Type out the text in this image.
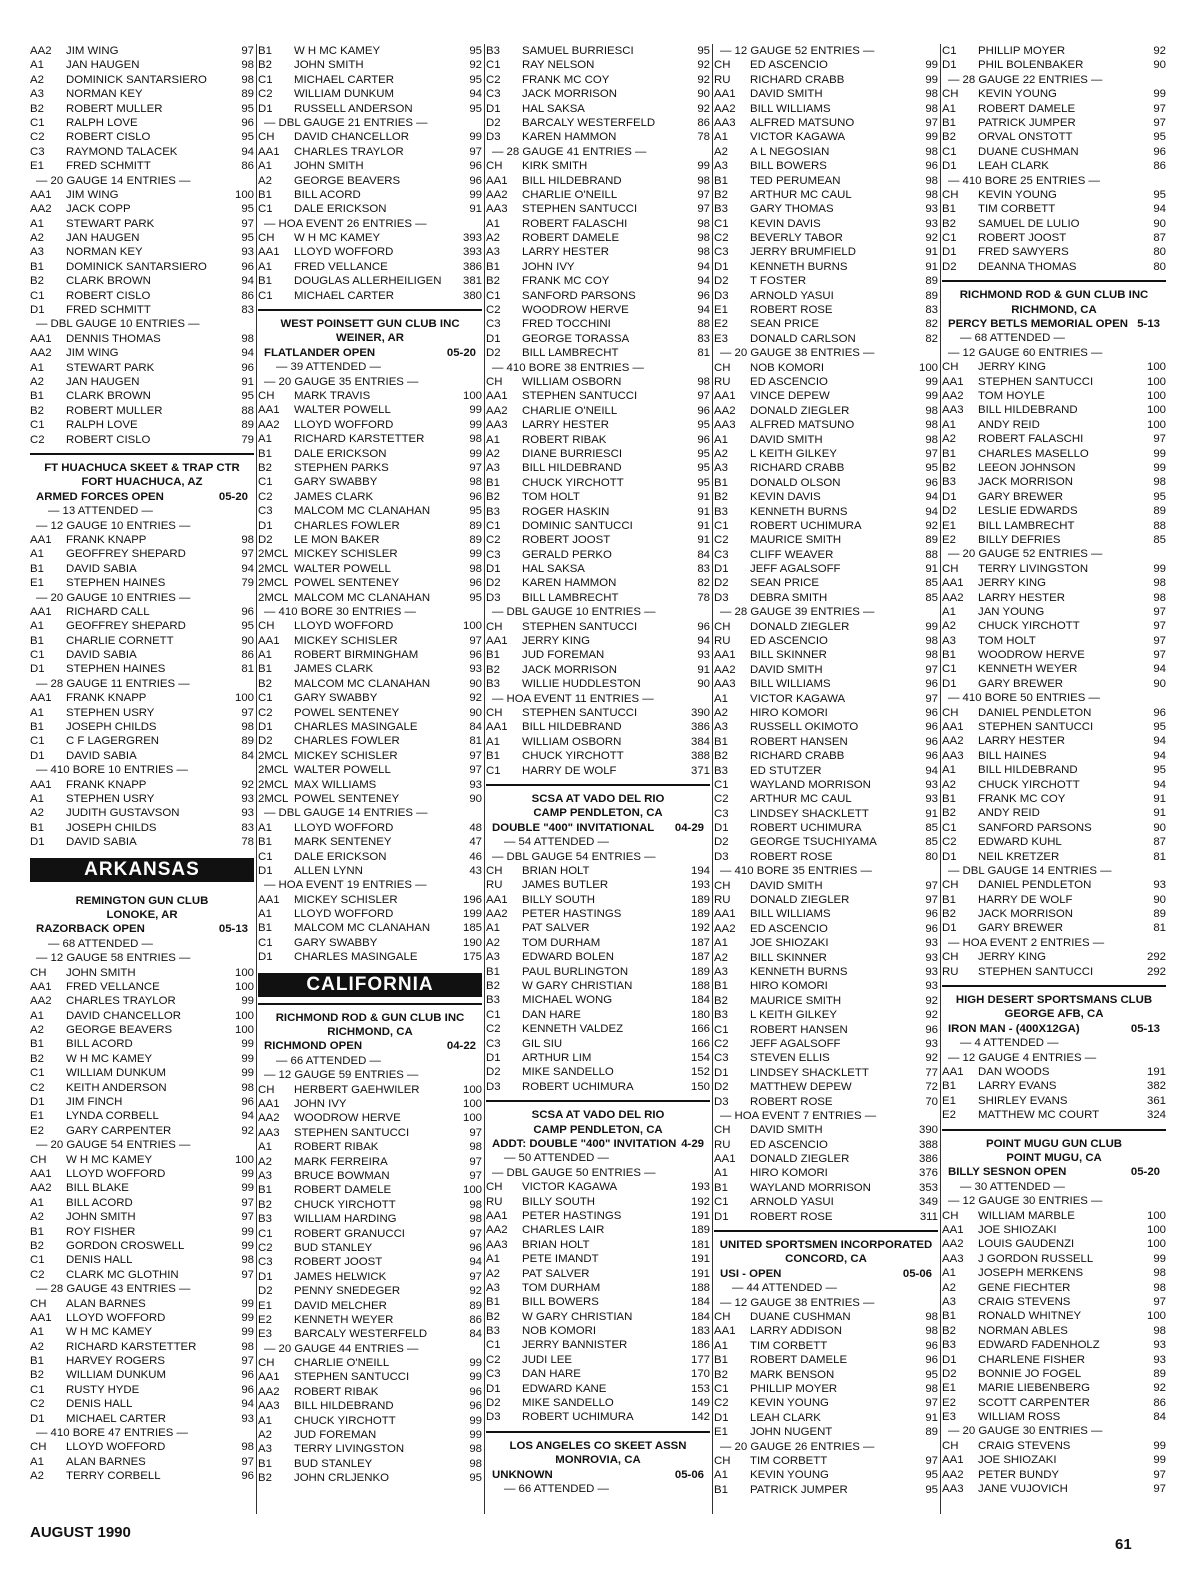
AA2	JIM WING	97
A1	JAN HAUGEN	98
A2	DOMINICK SANTARSIERO	98
A3	NORMAN KEY	89
B2	ROBERT MULLER	95
C1	RALPH LOVE	96
C2	ROBERT CISLO	95
C3	RAYMOND TALACEK	94
E1	FRED SCHMITT	86
— 20 GAUGE 14 ENTRIES —
AA1	JIM WING	100
AA2	JACK COPP	95
A1	STEWART PARK	97
A2	JAN HAUGEN	95
A3	NORMAN KEY	93
B1	DOMINICK SANTARSIERO	96
B2	CLARK BROWN	94
C1	ROBERT CISLO	86
D1	FRED SCHMITT	83
— DBL GAUGE 10 ENTRIES —
AA1	DENNIS THOMAS	98
AA2	JIM WING	94
A1	STEWART PARK	96
A2	JAN HAUGEN	91
B1	CLARK BROWN	95
B2	ROBERT MULLER	88
C1	RALPH LOVE	89
C2	ROBERT CISLO	79
FT HUACHUCA SKEET & TRAP CTR
FORT HUACHUCA, AZ
ARMED FORCES OPEN	05-20
— 13 ATTENDED —
— 12 GAUGE 10 ENTRIES —
AA1	FRANK KNAPP	98
A1	GEOFFREY SHEPARD	97
B1	DAVID SABIA	94
E1	STEPHEN HAINES	79
— 20 GAUGE 10 ENTRIES —
AA1	RICHARD CALL	96
A1	GEOFFREY SHEPARD	95
B1	CHARLIE CORNETT	90
C1	DAVID SABIA	86
D1	STEPHEN HAINES	81
— 28 GAUGE 11 ENTRIES —
AA1	FRANK KNAPP	100
A1	STEPHEN USRY	97
B1	JOSEPH CHILDS	98
C1	C F LAGERGREN	89
D1	DAVID SABIA	84
— 410 BORE 10 ENTRIES —
AA1	FRANK KNAPP	92
A1	STEPHEN USRY	93
A2	JUDITH GUSTAVSON	93
B1	JOSEPH CHILDS	83
D1	DAVID SABIA	78
ARKANSAS
REMINGTON GUN CLUB
LONOKE, AR
RAZORBACK OPEN	05-13
— 68 ATTENDED —
— 12 GAUGE 58 ENTRIES —
CH	JOHN SMITH	100
AA1	FRED VELLANCE	100
AA2	CHARLES TRAYLOR	99
A1	DAVID CHANCELLOR	100
A2	GEORGE BEAVERS	100
B1	BILL ACORD	99
B2	W H MC KAMEY	99
C1	WILLIAM DUNKUM	99
C2	KEITH ANDERSON	98
D1	JIM FINCH	96
E1	LYNDA CORBELL	94
E2	GARY CARPENTER	92
— 20 GAUGE 54 ENTRIES —
CH	W H MC KAMEY	100
AA1	LLOYD WOFFORD	99
AA2	BILL BLAKE	99
A1	BILL ACORD	97
A2	JOHN SMITH	97
B1	ROY FISHER	99
B2	GORDON CROSWELL	99
C1	DENIS HALL	98
C2	CLARK MC GLOTHIN	97
— 28 GAUGE 43 ENTRIES —
CH	ALAN BARNES	99
AA1	LLOYD WOFFORD	99
A1	W H MC KAMEY	99
A2	RICHARD KARSTETTER	98
B1	HARVEY ROGERS	97
B2	WILLIAM DUNKUM	96
C1	RUSTY HYDE	96
C2	DENIS HALL	94
D1	MICHAEL CARTER	93
— 410 BORE 47 ENTRIES —
CH	LLOYD WOFFORD	98
A1	ALAN BARNES	97
A2	TERRY CORBELL	96
B1	W H MC KAMEY	95
B2	JOHN SMITH	92
C1	MICHAEL CARTER	95
C2	WILLIAM DUNKUM	94
D1	RUSSELL ANDERSON	95
— DBL GAUGE 21 ENTRIES —
CH	DAVID CHANCELLOR	99
AA1	CHARLES TRAYLOR	97
A1	JOHN SMITH	96
A2	GEORGE BEAVERS	96
B1	BILL ACORD	99
C1	DALE ERICKSON	91
— HOA EVENT 26 ENTRIES —
CH	W H MC KAMEY	393
AA1	LLOYD WOFFORD	393
A1	FRED VELLANCE	386
B1	DOUGLAS ALLERHEILIGEN	381
C1	MICHAEL CARTER	380
WEST POINSETT GUN CLUB INC
WEINER, AR
FLATLANDER OPEN	05-20
— 39 ATTENDED —
— 20 GAUGE 35 ENTRIES —
CH	MARK TRAVIS	100
AA1	WALTER POWELL	99
AA2	LLOYD WOFFORD	99
A1	RICHARD KARSTETTER	98
B1	DALE ERICKSON	99
B2	STEPHEN PARKS	97
C1	GARY SWABBY	98
C2	JAMES CLARK	96
C3	MALCOM MC CLANAHAN	95
D1	CHARLES FOWLER	89
D2	LE MON BAKER	89
2MCL MICKEY SCHISLER	99
2MCL WALTER POWELL	98
2MCL POWEL SENTENEY	96
2MCL MALCOM MC CLANAHAN	95
— 410 BORE 30 ENTRIES —
CH	LLOYD WOFFORD	100
AA1	MICKEY SCHISLER	97
A1	ROBERT BIRMINGHAM	96
B1	JAMES CLARK	93
B2	MALCOM MC CLANAHAN	90
C1	GARY SWABBY	92
C2	POWEL SENTENEY	90
D1	CHARLES MASINGALE	84
D2	CHARLES FOWLER	81
2MCL MICKEY SCHISLER	97
2MCL WALTER POWELL	97
2MCL MAX WILLIAMS	93
2MCL POWEL SENTENEY	90
— DBL GAUGE 14 ENTRIES —
A1	LLOYD WOFFORD	48
B1	MARK SENTENEY	47
C1	DALE ERICKSON	46
D1	ALLEN LYNN	43
— HOA EVENT 19 ENTRIES —
AA1	MICKEY SCHISLER	196
A1	LLOYD WOFFORD	199
B1	MALCOM MC CLANAHAN	185
C1	GARY SWABBY	190
D1	CHARLES MASINGALE	175
CALIFORNIA
RICHMOND ROD & GUN CLUB INC
RICHMOND, CA
RICHMOND OPEN	04-22
— 66 ATTENDED —
— 12 GAUGE 59 ENTRIES —
CH	HERBERT GAEHWILER	100
AA1	JOHN IVY	100
AA2	WOODROW HERVE	100
AA3	STEPHEN SANTUCCI	97
A1	ROBERT RIBAK	98
A2	MARK FERREIRA	97
A3	BRUCE BOWMAN	97
B1	ROBERT DAMELE	100
B2	CHUCK YIRCHOTT	98
B3	WILLIAM HARDING	98
C1	ROBERT GRANUCCI	97
C2	BUD STANLEY	96
C3	ROBERT JOOST	94
D1	JAMES HELWICK	97
D2	PENNY SNEDEGER	92
E1	DAVID MELCHER	89
E2	KENNETH WEYER	86
E3	BARCALY WESTERFELD	84
— 20 GAUGE 44 ENTRIES —
CH	CHARLIE O'NEILL	99
AA1	STEPHEN SANTUCCI	99
AA2	ROBERT RIBAK	96
AA3	BILL HILDEBRAND	96
A1	CHUCK YIRCHOTT	99
A2	JUD FOREMAN	99
A3	TERRY LIVINGSTON	98
B1	BUD STANLEY	98
B2	JOHN CRLJENKO	95
B3	SAMUEL BURRIESCI	95
C1	RAY NELSON	92
C2	FRANK MC COY	92
C3	JACK MORRISON	90
D1	HAL SAKSA	92
D2	BARCALY WESTERFELD	86
D3	KAREN HAMMON	78
— 28 GAUGE 41 ENTRIES —
CH	KIRK SMITH	99
AA1	BILL HILDEBRAND	98
AA2	CHARLIE O'NEILL	97
AA3	STEPHEN SANTUCCI	97
A1	ROBERT FALASCHI	98
A2	ROBERT DAMELE	98
A3	LARRY HESTER	98
B1	JOHN IVY	94
B2	FRANK MC COY	94
C1	SANFORD PARSONS	96
C2	WOODROW HERVE	94
C3	FRED TOCCHINI	88
D1	GEORGE TORASSA	83
D2	BILL LAMBRECHT	81
— 410 BORE 38 ENTRIES —
CH	WILLIAM OSBORN	98
AA1	STEPHEN SANTUCCI	97
AA2	CHARLIE O'NEILL	96
AA3	LARRY HESTER	95
A1	ROBERT RIBAK	96
A2	DIANE BURRIESCI	95
A3	BILL HILDEBRAND	95
B1	CHUCK YIRCHOTT	95
B2	TOM HOLT	91
B3	ROGER HASKIN	91
C1	DOMINIC SANTUCCI	91
C2	ROBERT JOOST	91
C3	GERALD PERKO	84
D1	HAL SAKSA	83
D2	KAREN HAMMON	82
D3	BILL LAMBRECHT	78
— DBL GAUGE 10 ENTRIES —
CH	STEPHEN SANTUCCI	96
AA1	JERRY KING	94
B1	JUD FOREMAN	93
B2	JACK MORRISON	91
B3	WILLIE HUDDLESTON	90
— HOA EVENT 11 ENTRIES —
CH	STEPHEN SANTUCCI	390
AA1	BILL HILDEBRAND	386
A1	WILLIAM OSBORN	384
B1	CHUCK YIRCHOTT	388
C1	HARRY DE WOLF	371
SCSA AT VADO DEL RIO
CAMP PENDLETON, CA
DOUBLE "400" INVITATIONAL 04-29
— 54 ATTENDED —
— DBL GAUGE 54 ENTRIES —
CH	BRIAN HOLT	194
RU	JAMES BUTLER	193
AA1	BILLY SOUTH	189
AA2	PETER HASTINGS	189
A1	PAT SALVER	192
A2	TOM DURHAM	187
A3	EDWARD BOLEN	187
B1	PAUL BURLINGTON	189
B2	W GARY CHRISTIAN	188
B3	MICHAEL WONG	184
C1	DAN HARE	180
C2	KENNETH VALDEZ	166
C3	GIL SIU	166
D1	ARTHUR LIM	154
D2	MIKE SANDELLO	152
D3	ROBERT UCHIMURA	150
SCSA AT VADO DEL RIO
CAMP PENDLETON, CA
ADDT: DOUBLE "400" INVITATION 4-29
— 50 ATTENDED —
— DBL GAUGE 50 ENTRIES —
CH	VICTOR KAGAWA	193
RU	BILLY SOUTH	192
AA1	PETER HASTINGS	191
AA2	CHARLES LAIR	189
AA3	BRIAN HOLT	181
A1	PETE IMANDT	191
A2	PAT SALVER	191
A3	TOM DURHAM	188
B1	BILL BOWERS	184
B2	W GARY CHRISTIAN	184
B3	NOB KOMORI	183
C1	JERRY BANNISTER	186
C2	JUDI LEE	177
C3	DAN HARE	170
D1	EDWARD KANE	153
D2	MIKE SANDELLO	149
D3	ROBERT UCHIMURA	142
LOS ANGELES CO SKEET ASSN
MONROVIA, CA
UNKNOWN	05-06
— 66 ATTENDED —
— 12 GAUGE 52 ENTRIES —
CH	ED ASCENCIO	99
RU	RICHARD CRABB	99
AA1	DAVID SMITH	98
AA2	BILL WILLIAMS	98
AA3	ALFRED MATSUNO	97
A1	VICTOR KAGAWA	99
A2	A L NEGOSIAN	98
A3	BILL BOWERS	96
B1	TED PERUMEAN	98
B2	ARTHUR MC CAUL	98
B3	GARY THOMAS	93
C1	KEVIN DAVIS	93
C2	BEVERLY TABOR	92
C3	JERRY BRUMFIELD	91
D1	KENNETH BURNS	91
D2	T FOSTER	89
D3	ARNOLD YASUI	89
E1	ROBERT ROSE	83
E2	SEAN PRICE	82
E3	DONALD CARLSON	82
— 20 GAUGE 38 ENTRIES —
CH	NOB KOMORI	100
RU	ED ASCENCIO	99
AA1	VINCE DEPEW	99
AA2	DONALD ZIEGLER	98
AA3	ALFRED MATSUNO	98
A1	DAVID SMITH	98
A2	L KEITH GILKEY	97
A3	RICHARD CRABB	95
B1	DONALD OLSON	96
B2	KEVIN DAVIS	94
B3	KENNETH BURNS	94
C1	ROBERT UCHIMURA	92
C2	MAURICE SMITH	89
C3	CLIFF WEAVER	88
D1	JEFF AGALSOFF	91
D2	SEAN PRICE	85
D3	DEBRA SMITH	85
— 28 GAUGE 39 ENTRIES —
CH	DONALD ZIEGLER	99
RU	ED ASCENCIO	98
AA1	BILL SKINNER	98
AA2	DAVID SMITH	97
AA3	BILL WILLIAMS	96
A1	VICTOR KAGAWA	97
A2	HIRO KOMORI	96
A3	RUSSELL OKIMOTO	96
B1	ROBERT HANSEN	96
B2	RICHARD CRABB	96
B3	ED STUTZER	94
C1	WAYLAND MORRISON	93
C2	ARTHUR MC CAUL	93
C3	LINDSEY SHACKLETT	91
D1	ROBERT UCHIMURA	85
D2	GEORGE TSUCHIYAMA	85
D3	ROBERT ROSE	80
— 410 BORE 35 ENTRIES —
CH	DAVID SMITH	97
RU	DONALD ZIEGLER	97
AA1	BILL WILLIAMS	96
AA2	ED ASCENCIO	96
A1	JOE SHIOZAKI	93
A2	BILL SKINNER	93
A3	KENNETH BURNS	93
B1	HIRO KOMORI	93
B2	MAURICE SMITH	92
B3	L KEITH GILKEY	92
C1	ROBERT HANSEN	96
C2	JEFF AGALSOFF	93
C3	STEVEN ELLIS	92
D1	LINDSEY SHACKLETT	77
D2	MATTHEW DEPEW	72
D3	ROBERT ROSE	70
— HOA EVENT 7 ENTRIES —
CH	DAVID SMITH	390
RU	ED ASCENCIO	388
AA1	DONALD ZIEGLER	386
A1	HIRO KOMORI	376
B1	WAYLAND MORRISON	353
C1	ARNOLD YASUI	349
D1	ROBERT ROSE	311
UNITED SPORTSMEN INCORPORATED
CONCORD, CA
USI - OPEN	05-06
— 44 ATTENDED —
— 12 GAUGE 38 ENTRIES —
CH	DUANE CUSHMAN	98
AA1	LARRY ADDISON	98
A1	TIM CORBETT	96
B1	ROBERT DAMELE	96
B2	MARK BENSON	95
C1	PHILLIP MOYER	98
C2	KEVIN YOUNG	97
D1	LEAH CLARK	91
E1	JOHN NUGENT	89
— 20 GAUGE 26 ENTRIES —
CH	TIM CORBETT	97
A1	KEVIN YOUNG	95
B1	PATRICK JUMPER	95
C1	PHILLIP MOYER	92
D1	PHIL BOLENBAKER	90
— 28 GAUGE 22 ENTRIES —
CH	KEVIN YOUNG	99
A1	ROBERT DAMELE	97
B1	PATRICK JUMPER	97
B2	ORVAL ONSTOTT	95
C1	DUANE CUSHMAN	96
D1	LEAH CLARK	86
— 410 BORE 25 ENTRIES —
CH	KEVIN YOUNG	95
B1	TIM CORBETT	94
B2	SAMUEL DE LULIO	90
C1	ROBERT JOOST	87
D1	FRED SAWYERS	80
D2	DEANNA THOMAS	80
RICHMOND ROD & GUN CLUB INC
RICHMOND, CA
PERCY BETLS MEMORIAL OPEN 5-13
— 68 ATTENDED —
— 12 GAUGE 60 ENTRIES —
CH	JERRY KING	100
AA1	STEPHEN SANTUCCI	100
AA2	TOM HOYLE	100
AA3	BILL HILDEBRAND	100
A1	ANDY REID	100
A2	ROBERT FALASCHI	97
B1	CHARLES MASELLO	99
B2	LEEON JOHNSON	99
B3	JACK MORRISON	98
D1	GARY BREWER	95
D2	LESLIE EDWARDS	89
E1	BILL LAMBRECHT	88
E2	BILLY DEFRIES	85
— 20 GAUGE 52 ENTRIES —
CH	TERRY LIVINGSTON	99
AA1	JERRY KING	98
AA2	LARRY HESTER	98
A1	JAN YOUNG	97
A2	CHUCK YIRCHOTT	97
A3	TOM HOLT	97
B1	WOODROW HERVE	97
C1	KENNETH WEYER	94
D1	GARY BREWER	90
— 410 BORE 50 ENTRIES —
CH	DANIEL PENDLETON	96
AA1	STEPHEN SANTUCCI	95
AA2	LARRY HESTER	94
AA3	BILL HAINES	94
A1	BILL HILDEBRAND	95
A2	CHUCK YIRCHOTT	94
B1	FRANK MC COY	91
B2	ANDY REID	91
C1	SANFORD PARSONS	90
C2	EDWARD KUHL	87
D1	NEIL KRETZER	81
— DBL GAUGE 14 ENTRIES —
CH	DANIEL PENDLETON	93
B1	HARRY DE WOLF	90
B2	JACK MORRISON	89
D1	GARY BREWER	81
— HOA EVENT 2 ENTRIES —
CH	JERRY KING	292
RU	STEPHEN SANTUCCI	292
HIGH DESERT SPORTSMANS CLUB
GEORGE AFB, CA
IRON MAN - (400X12GA)	05-13
— 4 ATTENDED —
— 12 GAUGE 4 ENTRIES —
AA1	DAN WOODS	191
B1	LARRY EVANS	382
E1	SHIRLEY EVANS	361
E2	MATTHEW MC COURT	324
POINT MUGU GUN CLUB
POINT MUGU, CA
BILLY SESNON OPEN	05-20
— 30 ATTENDED —
— 12 GAUGE 30 ENTRIES —
CH	WILLIAM MARBLE	100
AA1	JOE SHIOZAKI	100
AA2	LOUIS GAUDENZI	100
AA3	J GORDON RUSSELL	99
A1	JOSEPH MERKENS	98
A2	GENE FIECHTER	98
A3	CRAIG STEVENS	97
B1	RONALD WHITNEY	100
B2	NORMAN ABLES	98
B3	EDWARD FADENHOLZ	93
D1	CHARLENE FISHER	93
D2	BONNIE JO FOGEL	89
E1	MARIE LIEBENBERG	92
E2	SCOTT CARPENTER	86
E3	WILLIAM ROSS	84
— 20 GAUGE 30 ENTRIES —
CH	CRAIG STEVENS	99
AA1	JOE SHIOZAKI	99
AA2	PETER BUNDY	97
AA3	JANE VUJOVICH	97
AUGUST 1990
61
